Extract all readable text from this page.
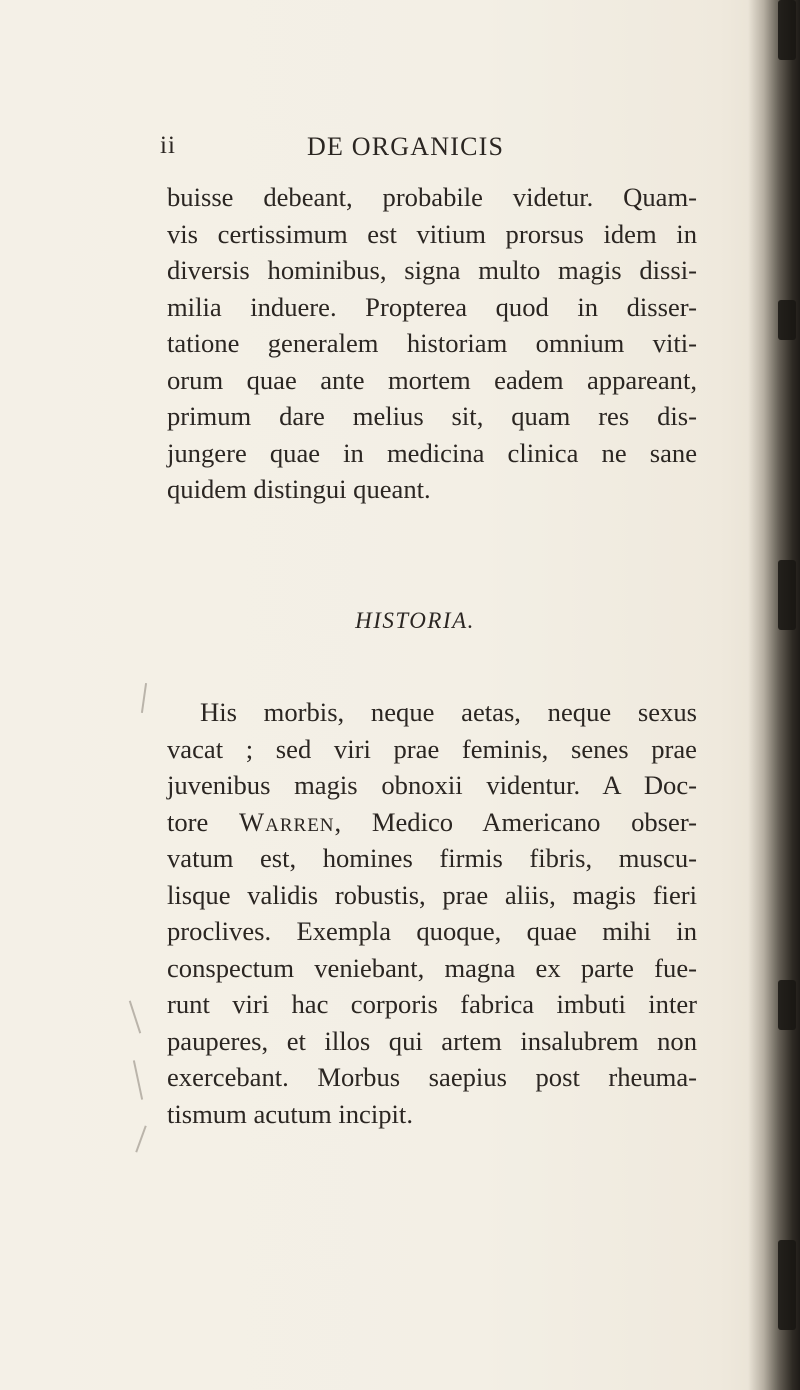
ii	DE ORGANICIS
buisse debeant, probabile videtur. Quam-
vis certissimum est vitium prorsus idem in
diversis hominibus, signa multo magis dissi-
milia induere. Propterea quod in disser-
tatione generalem historiam omnium viti-
orum quae ante mortem eadem appareant,
primum dare melius sit, quam res dis-
jungere quae in medicina clinica ne sane
quidem distingui queant.
HISTORIA.
His morbis, neque aetas, neque sexus
vacat ; sed viri prae feminis, senes prae
juvenibus magis obnoxii videntur. A Doc-
tore Warren, Medico Americano obser-
vatum est, homines firmis fibris, muscu-
lisque validis robustis, prae aliis, magis fieri
proclives. Exempla quoque, quae mihi in
conspectum veniebant, magna ex parte fue-
runt viri hac corporis fabrica imbuti inter
pauperes, et illos qui artem insalubrem non
exercebant. Morbus saepius post rheuma-
tismum acutum incipit.
